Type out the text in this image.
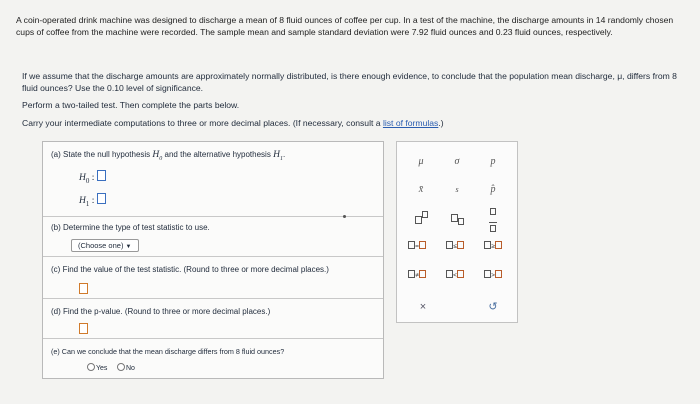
A coin-operated drink machine was designed to discharge a mean of 8 fluid ounces of coffee per cup. In a test of the machine, the discharge amounts in 14 randomly chosen cups of coffee from the machine were recorded. The sample mean and sample standard deviation were 7.92 fluid ounces and 0.23 fluid ounces, respectively.

If we assume that the discharge amounts are approximately normally distributed, is there enough evidence, to conclude that the population mean discharge, μ, differs from 8 fluid ounces? Use the 0.10 level of significance.
Perform a two-tailed test. Then complete the parts below.
Carry your intermediate computations to three or more decimal places. (If necessary, consult a list of formulas.)
(a) State the null hypothesis $H_0$ and the alternative hypothesis $H_1$.
$H_0$ :
$H_1$ :
(b) Determine the type of test statistic to use.
(Choose one) ▼
(c) Find the value of the test statistic. (Round to three or more decimal places.)
(d) Find the p-value. (Round to three or more decimal places.)
(e) Can we conclude that the mean discharge differs from 8 fluid ounces?
Yes	No
μ	σ	p
x̄	s	p̂

=	≤	≥
≠	<	>
×	↺
